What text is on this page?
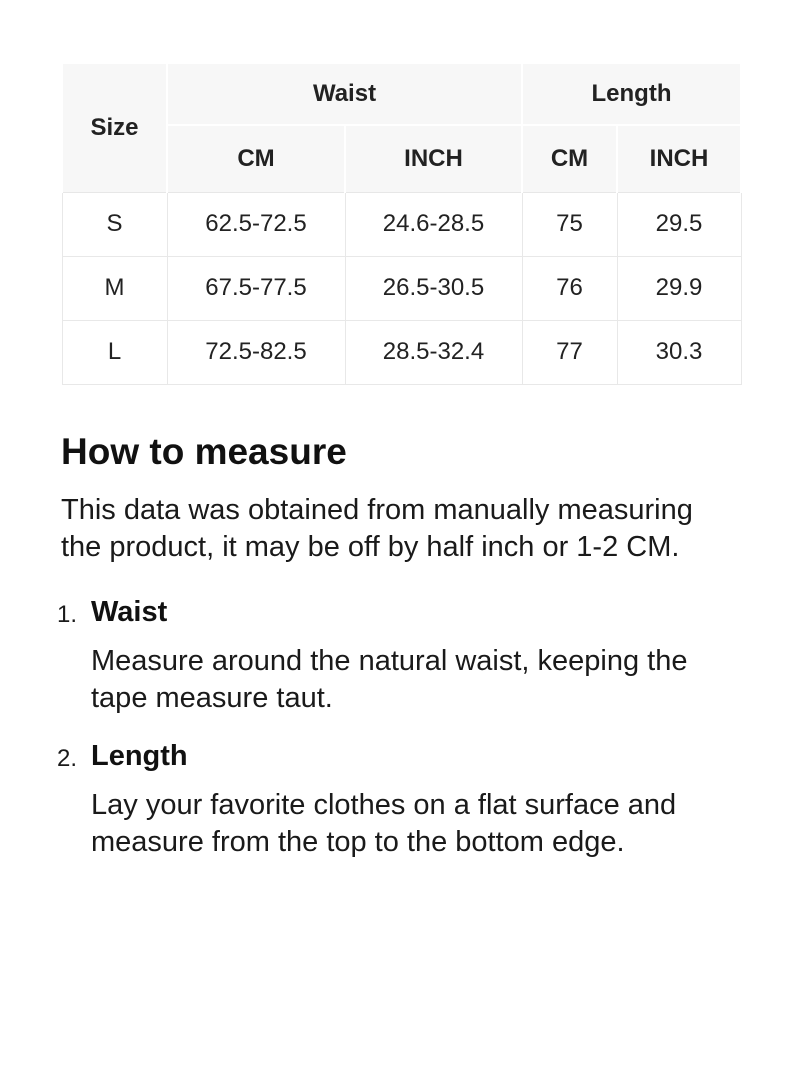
Size	Waist		Length	
	CM	INCH	CM	INCH
S	62.5-72.5	24.6-28.5	75	29.5
M	67.5-77.5	26.5-30.5	76	29.9
L	72.5-82.5	28.5-32.4	77	30.3
How to measure

This data was obtained from manually measuring the product, it may be off by half inch or 1-2 CM.

1. Waist

Measure around the natural waist, keeping the tape measure taut.

2. Length

Lay your favorite clothes on a flat surface and measure from the top to the bottom edge.
